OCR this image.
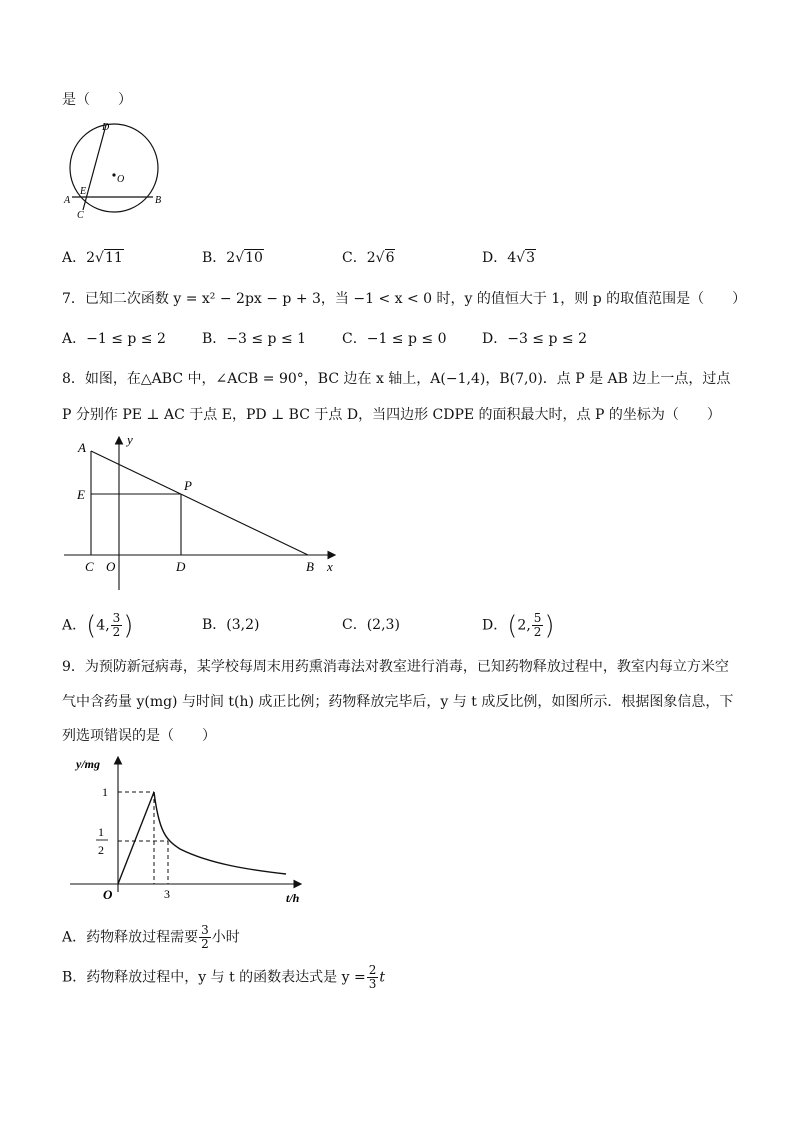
是（　　）
D
O
E
A	B
C
A．2√11	B．2√10	C．2√6	D．4√3
7．已知二次函数 y = x² − 2px − p + 3，当 −1 < x < 0 时，y 的值恒大于 1，则 p 的取值范围是（　　）
A．−1 ≤ p ≤ 2	B．−3 ≤ p ≤ 1	C．−1 ≤ p ≤ 0	D．−3 ≤ p ≤ 2
8．如图，在△ABC 中，∠ACB = 90°，BC 边在 x 轴上，A(−1,4)，B(7,0)．点 P 是 AB 边上一点，过点
P 分别作 PE ⊥ AC 于点 E，PD ⊥ BC 于点 D，当四边形 CDPE 的面积最大时，点 P 的坐标为（　　）
A
y
E
P
C O	D	B x
A．(4, $\frac{3}{2}$ )	B．(3,2)	C．(2,3)	D．(2, $\frac{5}{2}$ )
9．为预防新冠病毒，某学校每周末用药熏消毒法对教室进行消毒，已知药物释放过程中，教室内每立方米空
气中含药量 y(mg) 与时间 t(h) 成正比例；药物释放完毕后，y 与 t 成反比例，如图所示．根据图象信息，下
列选项错误的是（　　）
y/mg
t/h
O
1
1
2
3
A．药物释放过程需要 $\frac{3}{2}$ 小时
B．药物释放过程中，y 与 t 的函数表达式是 $y = \frac{2}{3}$ t
